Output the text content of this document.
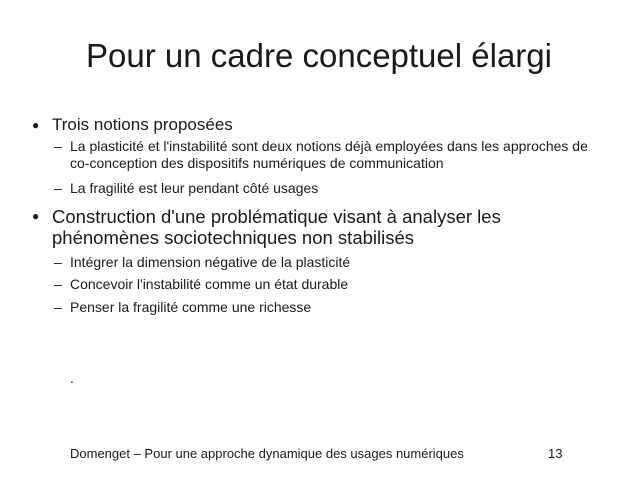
Pour un cadre conceptuel élargi
● Trois notions proposées
– La plasticité et l'instabilité sont deux notions déjà employées dans les approches de co-conception des dispositifs numériques de communication
– La fragilité est leur pendant côté usages
● Construction d'une problématique visant à analyser les phénomènes sociotechniques non stabilisés
– Intégrer la dimension négative de la plasticité
– Concevoir l'instabilité comme un état durable
– Penser la fragilité comme une richesse
.
Domenget – Pour une approche dynamique des usages numériques	13
